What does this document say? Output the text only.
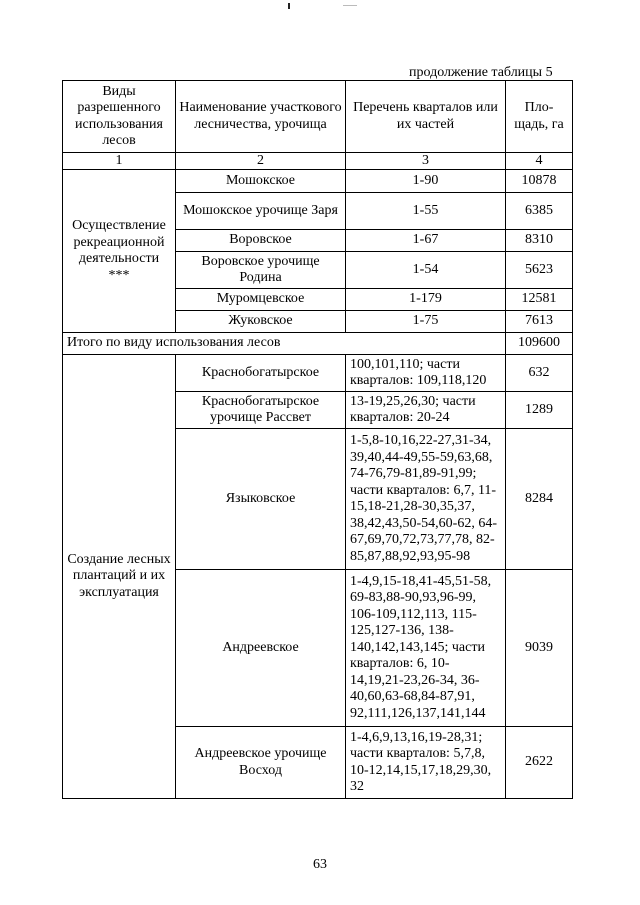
продолжение таблицы 5
Виды разрешенного использования лесов	Наименование участкового лесничества, урочища	Перечень кварталов или их частей	Пло- щадь, га
1	2	3	4
Осуществление рекреационной деятельности ***	Мошокское	1-90	10878
	Мошокское урочище Заря	1-55	6385
	Воровское	1-67	8310
	Воровское урочище Родина	1-54	5623
	Муромцевское	1-179	12581
	Жуковское	1-75	7613
Итого по виду использования лесов			109600
Создание лесных плантаций и их эксплуатация	Краснобогатырское	100,101,110; части кварталов: 109,118,120	632
	Краснобогатырское урочище Рассвет	13-19,25,26,30; части кварталов: 20-24	1289
	Языковское	1-5,8-10,16,22-27,31-34, 39,40,44-49,55-59,63,68, 74-76,79-81,89-91,99; части кварталов: 6,7, 11-15,18-21,28-30,35,37, 38,42,43,50-54,60-62, 64-67,69,70,72,73,77,78, 82-85,87,88,92,93,95-98	8284
	Андреевское	1-4,9,15-18,41-45,51-58, 69-83,88-90,93,96-99, 106-109,112,113, 115-125,127-136, 138-140,142,143,145; части кварталов: 6, 10-14,19,21-23,26-34, 36-40,60,63-68,84-87,91, 92,111,126,137,141,144	9039
	Андреевское урочище Восход	1-4,6,9,13,16,19-28,31; части кварталов: 5,7,8, 10-12,14,15,17,18,29,30, 32	2622
63
